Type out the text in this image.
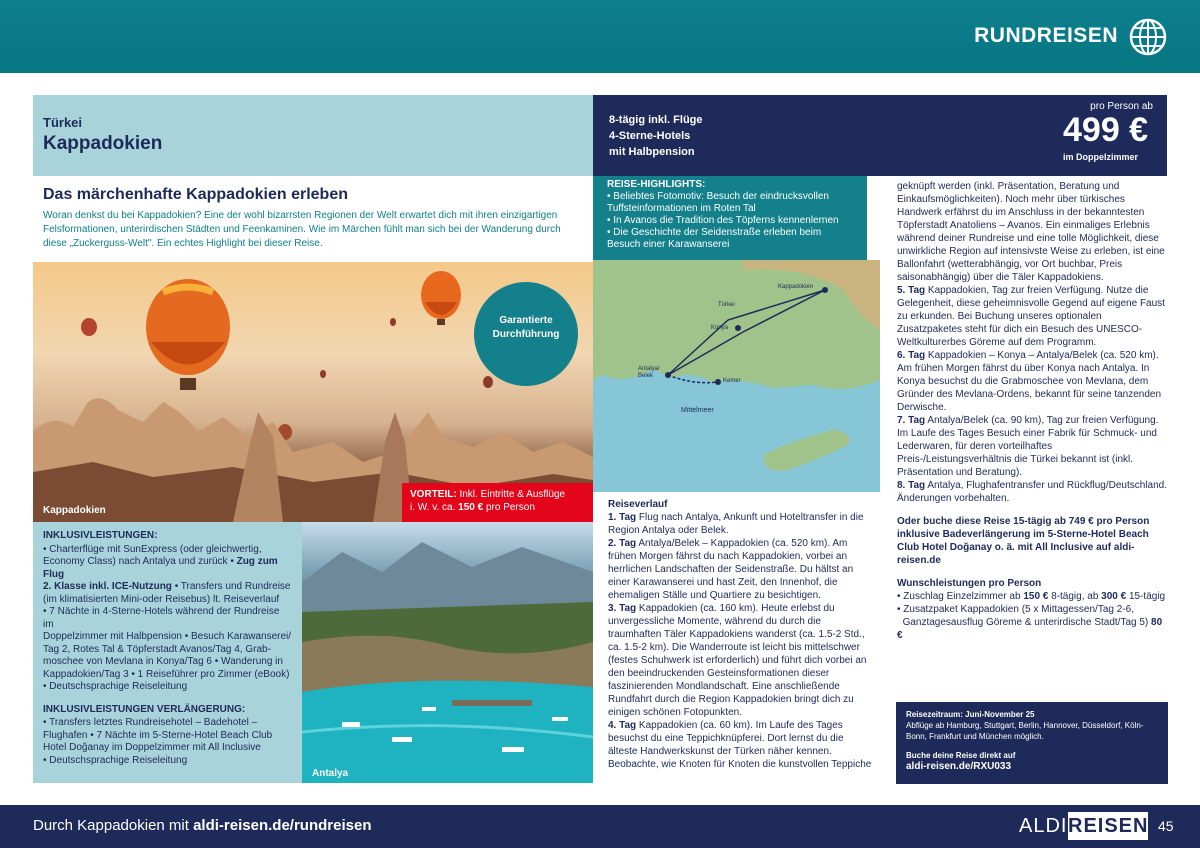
RUNDREISEN
Türkei
Kappadokien
8-tägig inkl. Flüge
4-Sterne-Hotels
mit Halbpension
pro Person ab
499 €
im Doppelzimmer
Das märchenhafte Kappadokien erleben
Woran denkst du bei Kappadokien? Eine der wohl bizarrsten Regionen der Welt erwartet dich mit ihren einzigartigen Felsformationen, unterirdischen Städten und Feenkaminen. Wie im Märchen fühlt man sich bei der Wanderung durch diese „Zuckerguss-Welt". Ein echtes Highlight bei dieser Reise.
Kappadokien
Garantierte
Durchführung
VORTEIL: Inkl. Eintritte & Ausflüge
i. W. v. ca. 150 € pro Person
INKLUSIVLEISTUNGEN:
• Charterflüge mit SunExpress (oder gleichwertig,
Economy Class) nach Antalya und zurück • Zug zum Flug
2. Klasse inkl. ICE-Nutzung • Transfers und Rundreise
(im klimatisierten Mini-oder Reisebus) lt. Reiseverlauf
• 7 Nächte in 4-Sterne-Hotels während der Rundreise im
Doppelzimmer mit Halbpension • Besuch Karawanserei/
Tag 2, Rotes Tal & Töpferstadt Avanos/Tag 4, Grab-
moschee von Mevlana in Konya/Tag 6 • Wanderung in
Kappadokien/Tag 3 • 1 Reiseführer pro Zimmer (eBook)
• Deutschsprachige Reiseleitung
INKLUSIVLEISTUNGEN VERLÄNGERUNG:
• Transfers letztes Rundreisehotel – Badehotel –
Flughafen • 7 Nächte im 5-Sterne-Hotel Beach Club
Hotel Doğanay im Doppelzimmer mit All Inclusive
• Deutschsprachige Reiseleitung
Antalya
REISE-HIGHLIGHTS:
• Beliebtes Fotomotiv: Besuch der eindrucksvollen Tuffsteinformationen im Roten Tal
• In Avanos die Tradition des Töpferns kennenlernen
• Die Geschichte der Seidenstraße erleben beim Besuch einer Karawanserei
Kappadokien
Türkei
Konya
Antalya/
Belek
Kemer
Mittelmeer
Reiseverlauf
1. Tag Flug nach Antalya, Ankunft und Hoteltransfer in die Region Antalya oder Belek.
2. Tag Antalya/Belek – Kappadokien (ca. 520 km). Am frühen Morgen fährst du nach Kappadokien, vorbei an herrlichen Landschaften der Seidenstraße. Du hältst an einer Karawanserei und hast Zeit, den Innenhof, die ehemaligen Ställe und Quartiere zu besichtigen.
3. Tag Kappadokien (ca. 160 km). Heute erlebst du unvergessliche Momente, während du durch die traumhaften Täler Kappadokiens wanderst (ca. 1.5-2 Std., ca. 1.5-2 km). Die Wanderroute ist leicht bis mittelschwer (festes Schuhwerk ist erforderlich) und führt dich vorbei an den beeindruckenden Gesteinsformationen dieser faszinierenden Mondlandschaft. Eine anschließende Rundfahrt durch die Region Kappadokien bringt dich zu einigen schönen Fotopunkten.
4. Tag Kappadokien (ca. 60 km). Im Laufe des Tages besuchst du eine Teppichknüpferei. Dort lernst du die älteste Handwerkskunst der Türken näher kennen. Beobachte, wie Knoten für Knoten die kunstvollen Teppiche
geknüpft werden (inkl. Präsentation, Beratung und Einkaufsmöglichkeiten). Noch mehr über türkisches Handwerk erfährst du im Anschluss in der bekanntesten Töpferstadt Anatoliens – Avanos. Ein einmaliges Erlebnis während deiner Rundreise und eine tolle Möglichkeit, diese unwirkliche Region auf intensivste Weise zu erleben, ist eine Ballonfahrt (wetterabhängig, vor Ort buchbar, Preis saisonabhängig) über die Täler Kappadokiens.
5. Tag Kappadokien, Tag zur freien Verfügung. Nutze die Gelegenheit, diese geheimnisvolle Gegend auf eigene Faust zu erkunden. Bei Buchung unseres optionalen Zusatzpaketes steht für dich ein Besuch des UNESCO-Weltkulturerbes Göreme auf dem Programm.
6. Tag Kappadokien – Konya – Antalya/Belek (ca. 520 km). Am frühen Morgen fährst du über Konya nach Antalya. In Konya besuchst du die Grabmoschee von Mevlana, dem Gründer des Mevlana-Ordens, bekannt für seine tanzenden Derwische.
7. Tag Antalya/Belek (ca. 90 km), Tag zur freien Verfügung. Im Laufe des Tages Besuch einer Fabrik für Schmuck- und Lederwaren, für deren vorteilhaftes Preis-/Leistungsverhältnis die Türkei bekannt ist (inkl. Präsentation und Beratung).
8. Tag Antalya, Flughafentransfer und Rückflug/Deutschland. Änderungen vorbehalten.
Oder buche diese Reise 15-tägig ab 749 € pro Person inklusive Badeverlängerung im 5-Sterne-Hotel Beach Club Hotel Doğanay o. ä. mit All Inclusive auf aldi-reisen.de
Wunschleistungen pro Person
• Zuschlag Einzelzimmer ab 150 € 8-tägig, ab 300 € 15-tägig
• Zusatzpaket Kappadokien (5 x Mittagessen/Tag 2-6,
Ganztagesausflug Göreme & unterirdische Stadt/Tag 5) 80 €
Reisezeitraum: Juni-November 25
Abflüge ab Hamburg, Stuttgart, Berlin, Hannover, Düsseldorf, Köln-Bonn, Frankfurt und München möglich.
Buche deine Reise direkt auf
aldi-reisen.de/RXU033
Durch Kappadokien mit aldi-reisen.de/rundreisen	ALDI REISEN 45
